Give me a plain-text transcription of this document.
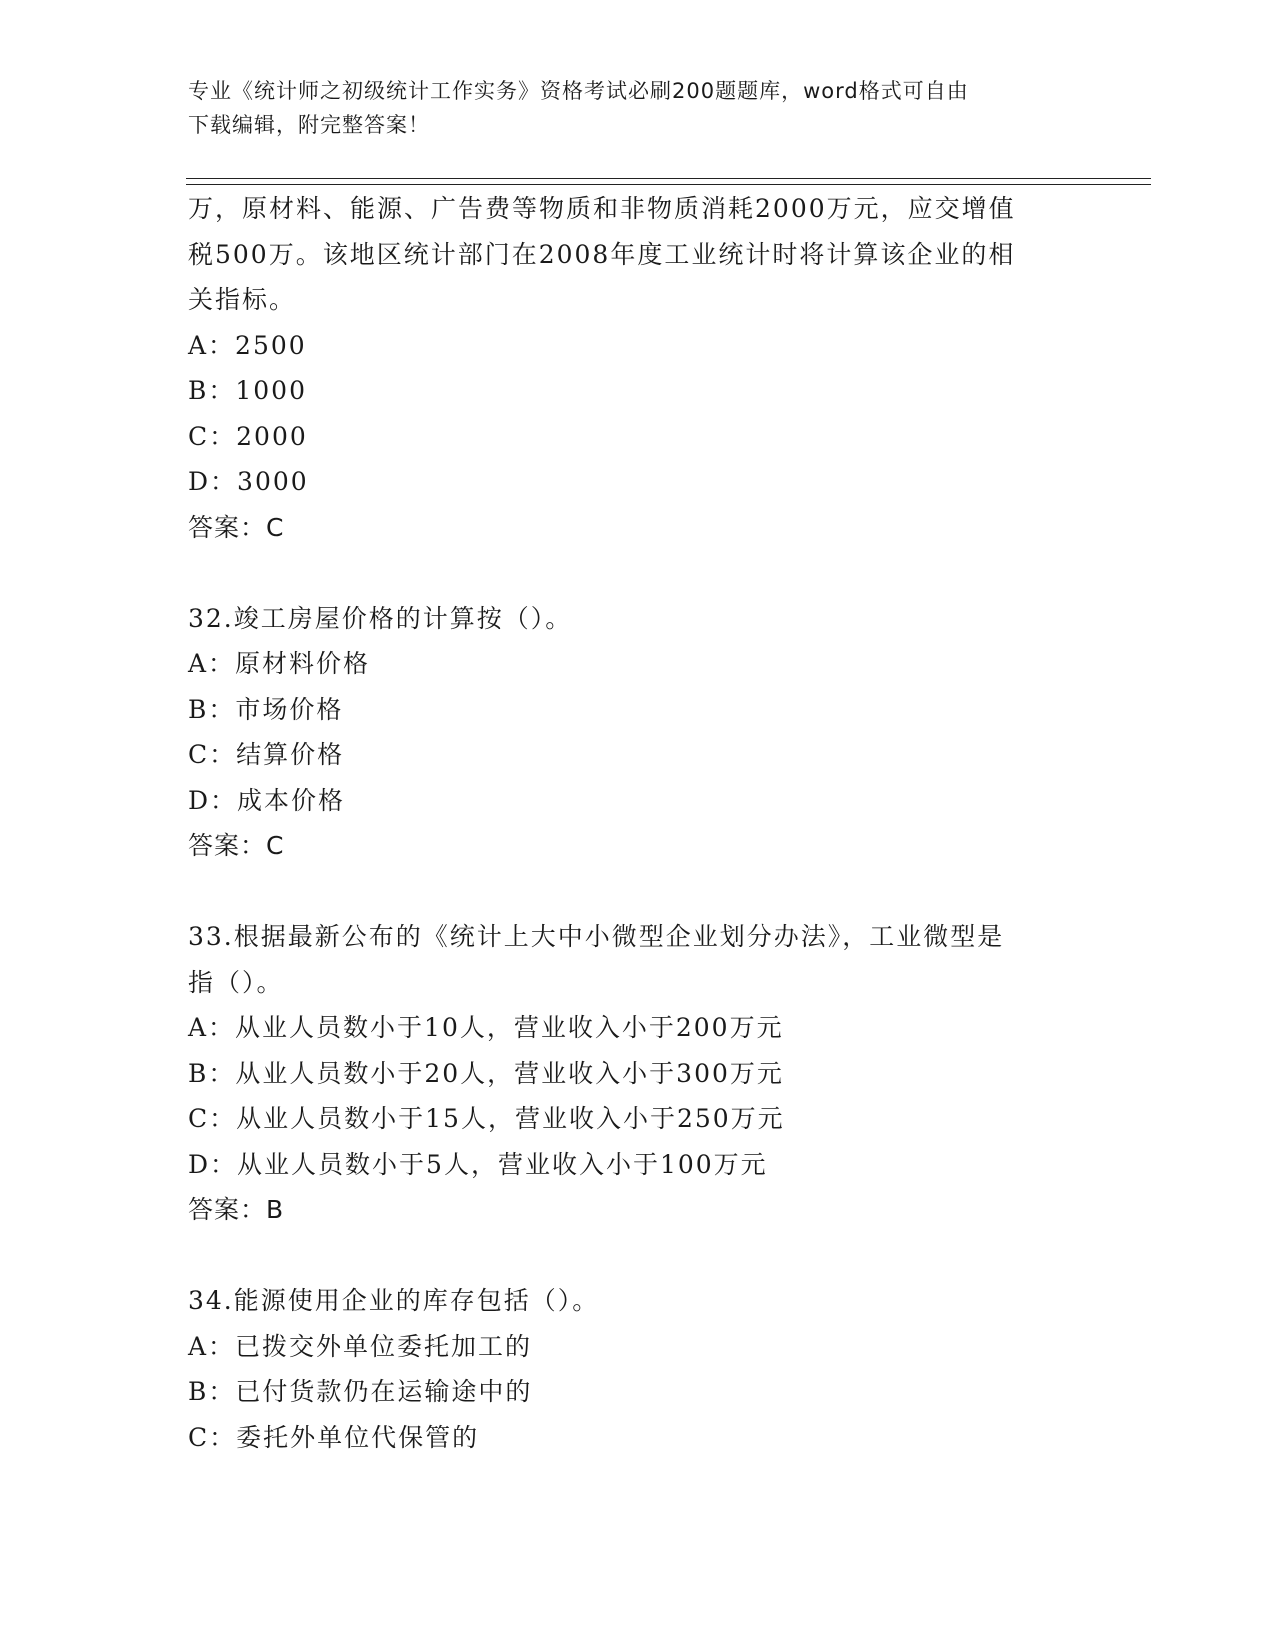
专业《统计师之初级统计工作实务》资格考试必刷200题题库，word格式可自由
下载编辑，附完整答案！
万，原材料、能源、广告费等物质和非物质消耗2000万元，应交增值
税500万。该地区统计部门在2008年度工业统计时将计算该企业的相
关指标。
A：2500
B：1000
C：2000
D：3000
答案：C
32.竣工房屋价格的计算按（）。
A：原材料价格
B：市场价格
C：结算价格
D：成本价格
答案：C
33.根据最新公布的《统计上大中小微型企业划分办法》，工业微型是
指（）。
A：从业人员数小于10人，营业收入小于200万元
B：从业人员数小于20人，营业收入小于300万元
C：从业人员数小于15人，营业收入小于250万元
D：从业人员数小于5人，营业收入小于100万元
答案：B
34.能源使用企业的库存包括（）。
A：已拨交外单位委托加工的
B：已付货款仍在运输途中的
C：委托外单位代保管的
